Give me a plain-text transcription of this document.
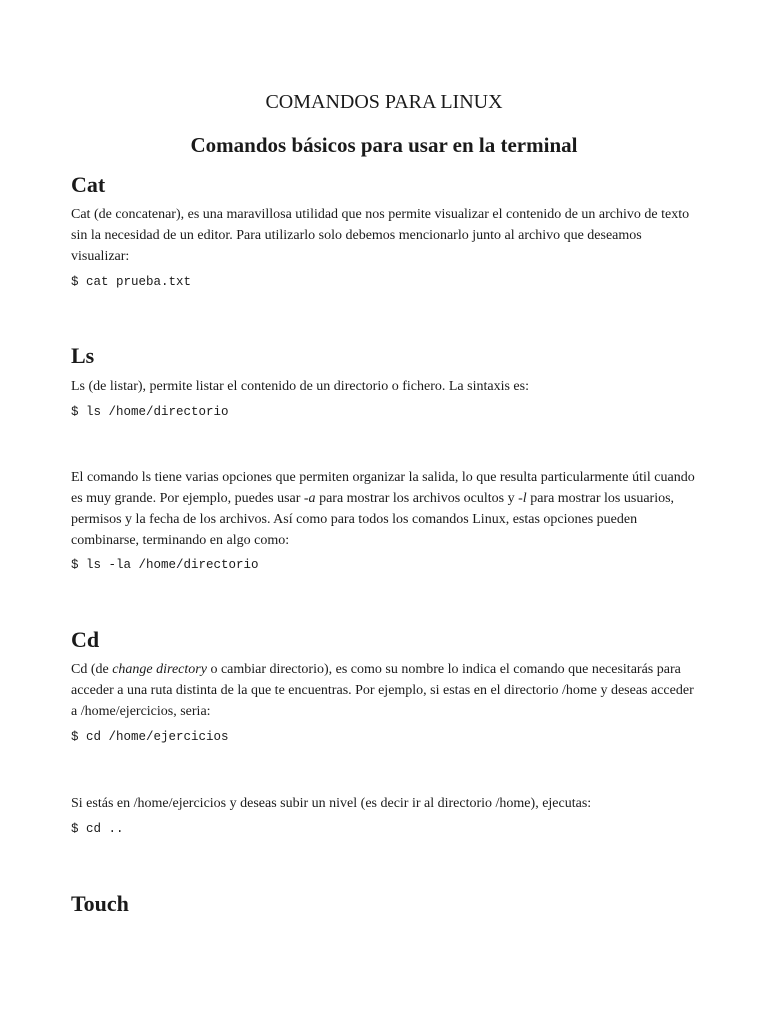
COMANDOS PARA LINUX
Comandos básicos para usar en la terminal
Cat

Cat (de concatenar), es una maravillosa utilidad que nos permite visualizar el contenido de un archivo de texto sin la necesidad de un editor. Para utilizarlo solo debemos mencionarlo junto al archivo que deseamos visualizar:

$ cat prueba.txt
Ls

Ls (de listar), permite listar el contenido de un directorio o fichero. La sintaxis es:

$ ls /home/directorio

El comando ls tiene varias opciones que permiten organizar la salida, lo que resulta particularmente útil cuando es muy grande. Por ejemplo, puedes usar -a para mostrar los archivos ocultos y -l para mostrar los usuarios, permisos y la fecha de los archivos. Así como para todos los comandos Linux, estas opciones pueden combinarse, terminando en algo como:

$ ls -la /home/directorio
Cd

Cd (de change directory o cambiar directorio), es como su nombre lo indica el comando que necesitarás para acceder a una ruta distinta de la que te encuentras. Por ejemplo, si estas en el directorio /home y deseas acceder a /home/ejercicios, seria:

$ cd /home/ejercicios

Si estás en /home/ejercicios y deseas subir un nivel (es decir ir al directorio /home), ejecutas:

$ cd ..
Touch
